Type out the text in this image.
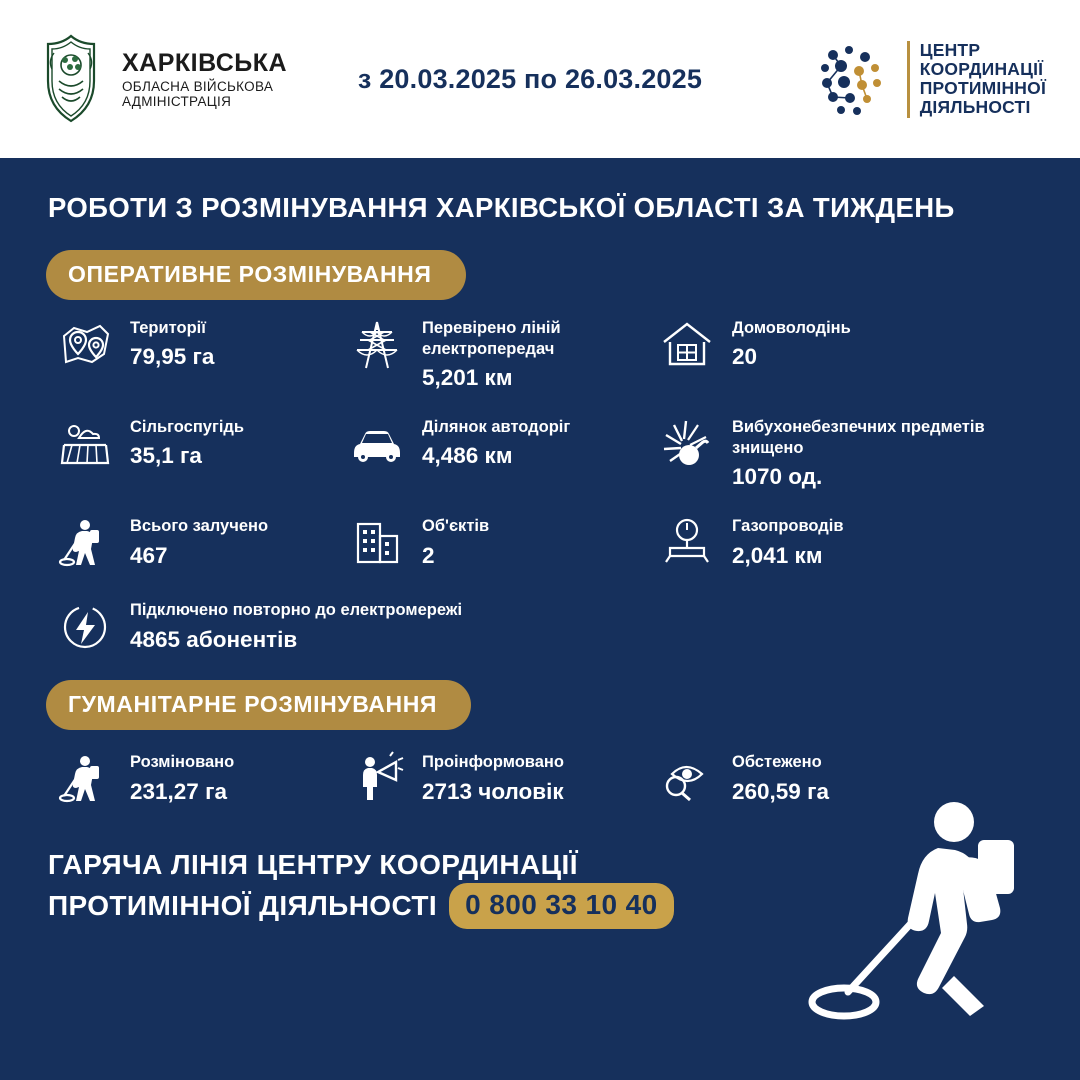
ХАРКІВСЬКА
ОБЛАСНА ВІЙСЬКОВА
АДМІНІСТРАЦІЯ
з 20.03.2025 по 26.03.2025
ЦЕНТР
КООРДИНАЦІЇ
ПРОТИМІННОЇ
ДІЯЛЬНОСТІ
РОБОТИ З РОЗМІНУВАННЯ ХАРКІВСЬКОЇ ОБЛАСТІ ЗА ТИЖДЕНЬ
ОПЕРАТИВНЕ РОЗМІНУВАННЯ
Території
79,95 га
Перевірено ліній електропередач
5,201 км
Домоволодінь
20
Сільгоспугідь
35,1 га
Ділянок автодоріг
4,486 км
Вибухонебезпечних предметів знищено
1070 од.
Всього залучено
467
Об'єктів
2
Газопроводів
2,041 км
Підключено повторно до електромережі
4865 абонентів
ГУМАНІТАРНЕ РОЗМІНУВАННЯ
Розміновано
231,27 га
Проінформовано
2713 чоловік
Обстежено
260,59 га
ГАРЯЧА ЛІНІЯ ЦЕНТРУ КООРДИНАЦІЇ
ПРОТИМІННОЇ ДІЯЛЬНОСТІ	0 800 33 10 40
